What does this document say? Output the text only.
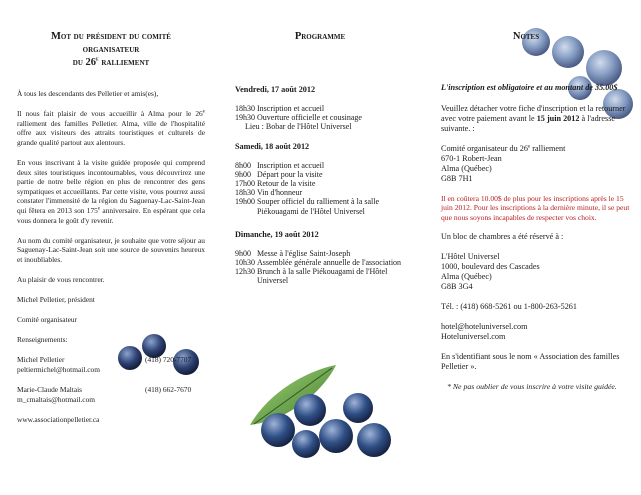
Mot du président du comité
organisateur
du 26e ralliement

À tous les descendants des Pelletier et amis(es),

Il nous fait plaisir de vous accueillir à Alma pour le 26e ralliement des familles Pelletier. Alma, ville de l'hospitalité offre aux visiteurs des attraits touristiques et culturels de grande qualité partout aux alentours.

En vous inscrivant à la visite guidée proposée qui comprend deux sites touristiques incontournables, vous découvrirez une partie de notre belle région en plus de rencontrer des gens sympatiques et accueillants. Par cette visite, vous pourrez aussi constater l'immensité de la région du Saguenay-Lac-Saint-Jean qui fêtera en 2013 son 175e anniversaire. En espérant que cela vous donnera le goût d'y revenir.

Au nom du comité organisateur, je souhaite que votre séjour au Saguenay-Lac-Saint-Jean soit une source de souvenirs heureux et inoubliables.

Au plaisir de vous rencontrer.

Michel Pelletier, président

Comité organisateur

Renseignements:

Michel Pelletier	(418) 720-7707

peltiermichel@hotmail.com

Marie-Claude Maltais	(418) 662-7670

m_cmaltais@hotmail.com

www.associationpelletier.ca

Programme

Vendredi, 17 août 2012

18h30 Inscription et accueil
19h30 Ouverture officielle et cousinage
Lieu : Bobar de l'Hôtel Universel

Samedi, 18 août 2012

8h00 Inscription et accueil
9h00 Départ pour la visite
17h00 Retour de la visite
18h30 Vin d'honneur
19h00 Souper officiel du ralliement à la salle Piékouagami de l'Hôtel Universel

Dimanche, 19 août 2012

9h00 Messe à l'église Saint-Joseph
10h30 Assemblée générale annuelle de l'association
12h30 Brunch à la salle Piékouagami de l'Hôtel Universel
Notes

L'inscription est obligatoire et au montant de 35.00$

Veuillez détacher votre fiche d'inscription et la retourner avec votre paiement avant le 15 juin 2012 à l'adresse suivante. :

Comité organisateur du 26e ralliement

670-1 Robert-Jean

Alma (Québec)

G8B 7H1

Il en coûtera 10.00$ de plus pour les inscriptions après le 15 juin 2012. Pour les inscriptions à la dernière minute, il se peut que nous soyons incapables de respecter vos choix.

Un bloc de chambres a été réservé à :

L'Hôtel Universel

1000, boulevard des Cascades

Alma (Québec)

G8B 3G4

Tél. : (418) 668-5261 ou 1-800-263-5261

hotel@hoteluniversel.com

Hoteluniversel.com

En s'identifiant sous le nom « Association des familles Pelletier ».

* Ne pas oublier de vous inscrire à votre visite guidée.
